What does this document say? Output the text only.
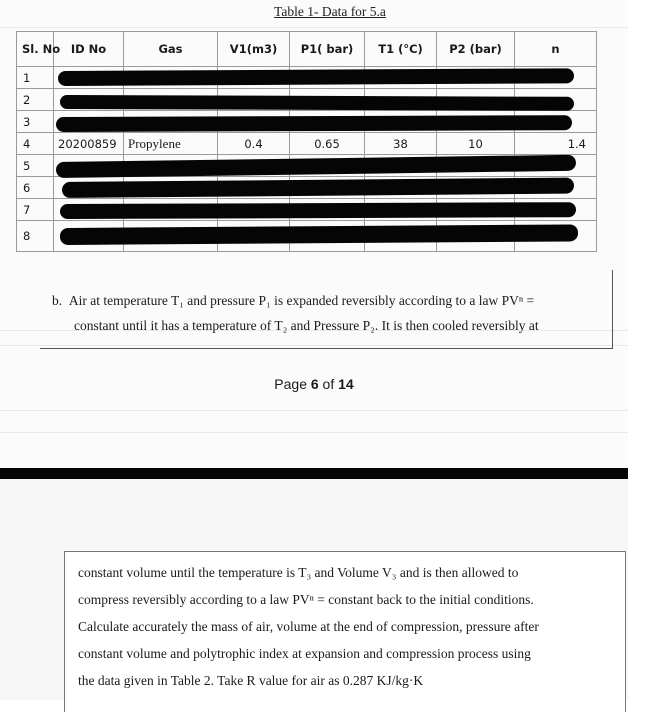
Table 1- Data for 5.a
Sl. No	ID No	Gas	V1(m3)	P1( bar)	T1 (°C)	P2 (bar)	n
1							
2							
3							
4	20200859	Propylene	0.4	0.65	38	10	1.4
5							
6							
7							
8							
b. Air at temperature T₁ and pressure P₁ is expanded reversibly according to a law PVⁿ =
constant until it has a temperature of T₂ and Pressure P₂. It is then cooled reversibly at
Page 6 of 14
constant volume until the temperature is T₃ and Volume V₃ and is then allowed to
compress reversibly according to a law PVⁿ = constant back to the initial conditions.
Calculate accurately the mass of air, volume at the end of compression, pressure after
constant volume and polytrophic index at expansion and compression process using
the data given in Table 2. Take R value for air as 0.287 KJ/kg·K
